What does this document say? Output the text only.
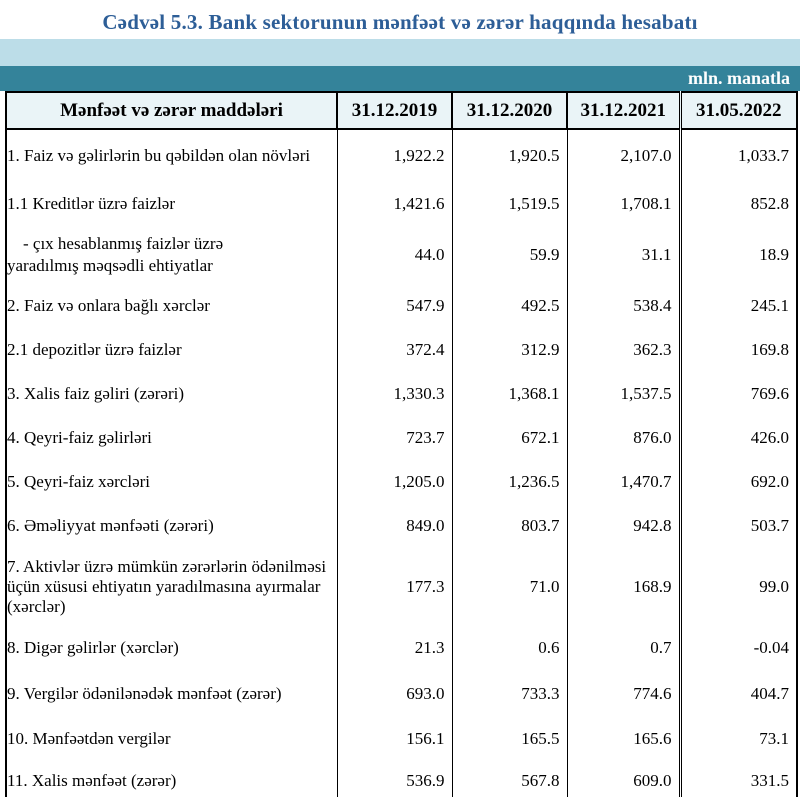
Cədvəl 5.3. Bank sektorunun mənfəət və zərər haqqında hesabatı
mln. manatla
Mənfəət və zərər maddələri	31.12.2019	31.12.2020	31.12.2021	31.05.2022
1. Faiz və gəlirlərin bu qəbildən olan növləri	1,922.2	1,920.5	2,107.0	1,033.7
1.1 Kreditlər üzrə faizlər	1,421.6	1,519.5	1,708.1	852.8

- çıx hesablanmış faizlər üzrə yaradılmış məqsədli ehtiyatlar	44.0	59.9	31.1	18.9
2. Faiz və onlara bağlı xərclər	547.9	492.5	538.4	245.1
2.1 depozitlər üzrə faizlər	372.4	312.9	362.3	169.8
3. Xalis faiz gəliri (zərəri)	1,330.3	1,368.1	1,537.5	769.6
4. Qeyri-faiz gəlirləri	723.7	672.1	876.0	426.0
5. Qeyri-faiz xərcləri	1,205.0	1,236.5	1,470.7	692.0
6. Əməliyyat mənfəəti (zərəri)	849.0	803.7	942.8	503.7
7. Aktivlər üzrə mümkün zərərlərin ödənilməsi üçün xüsusi ehtiyatın yaradılmasına ayırmalar (xərclər)	177.3	71.0	168.9	99.0
8. Digər gəlirlər (xərclər)	21.3	0.6	0.7	-0.04
9. Vergilər ödənilənədək mənfəət (zərər)	693.0	733.3	774.6	404.7
10. Mənfəətdən vergilər	156.1	165.5	165.6	73.1
11. Xalis mənfəət (zərər)	536.9	567.8	609.0	331.5
